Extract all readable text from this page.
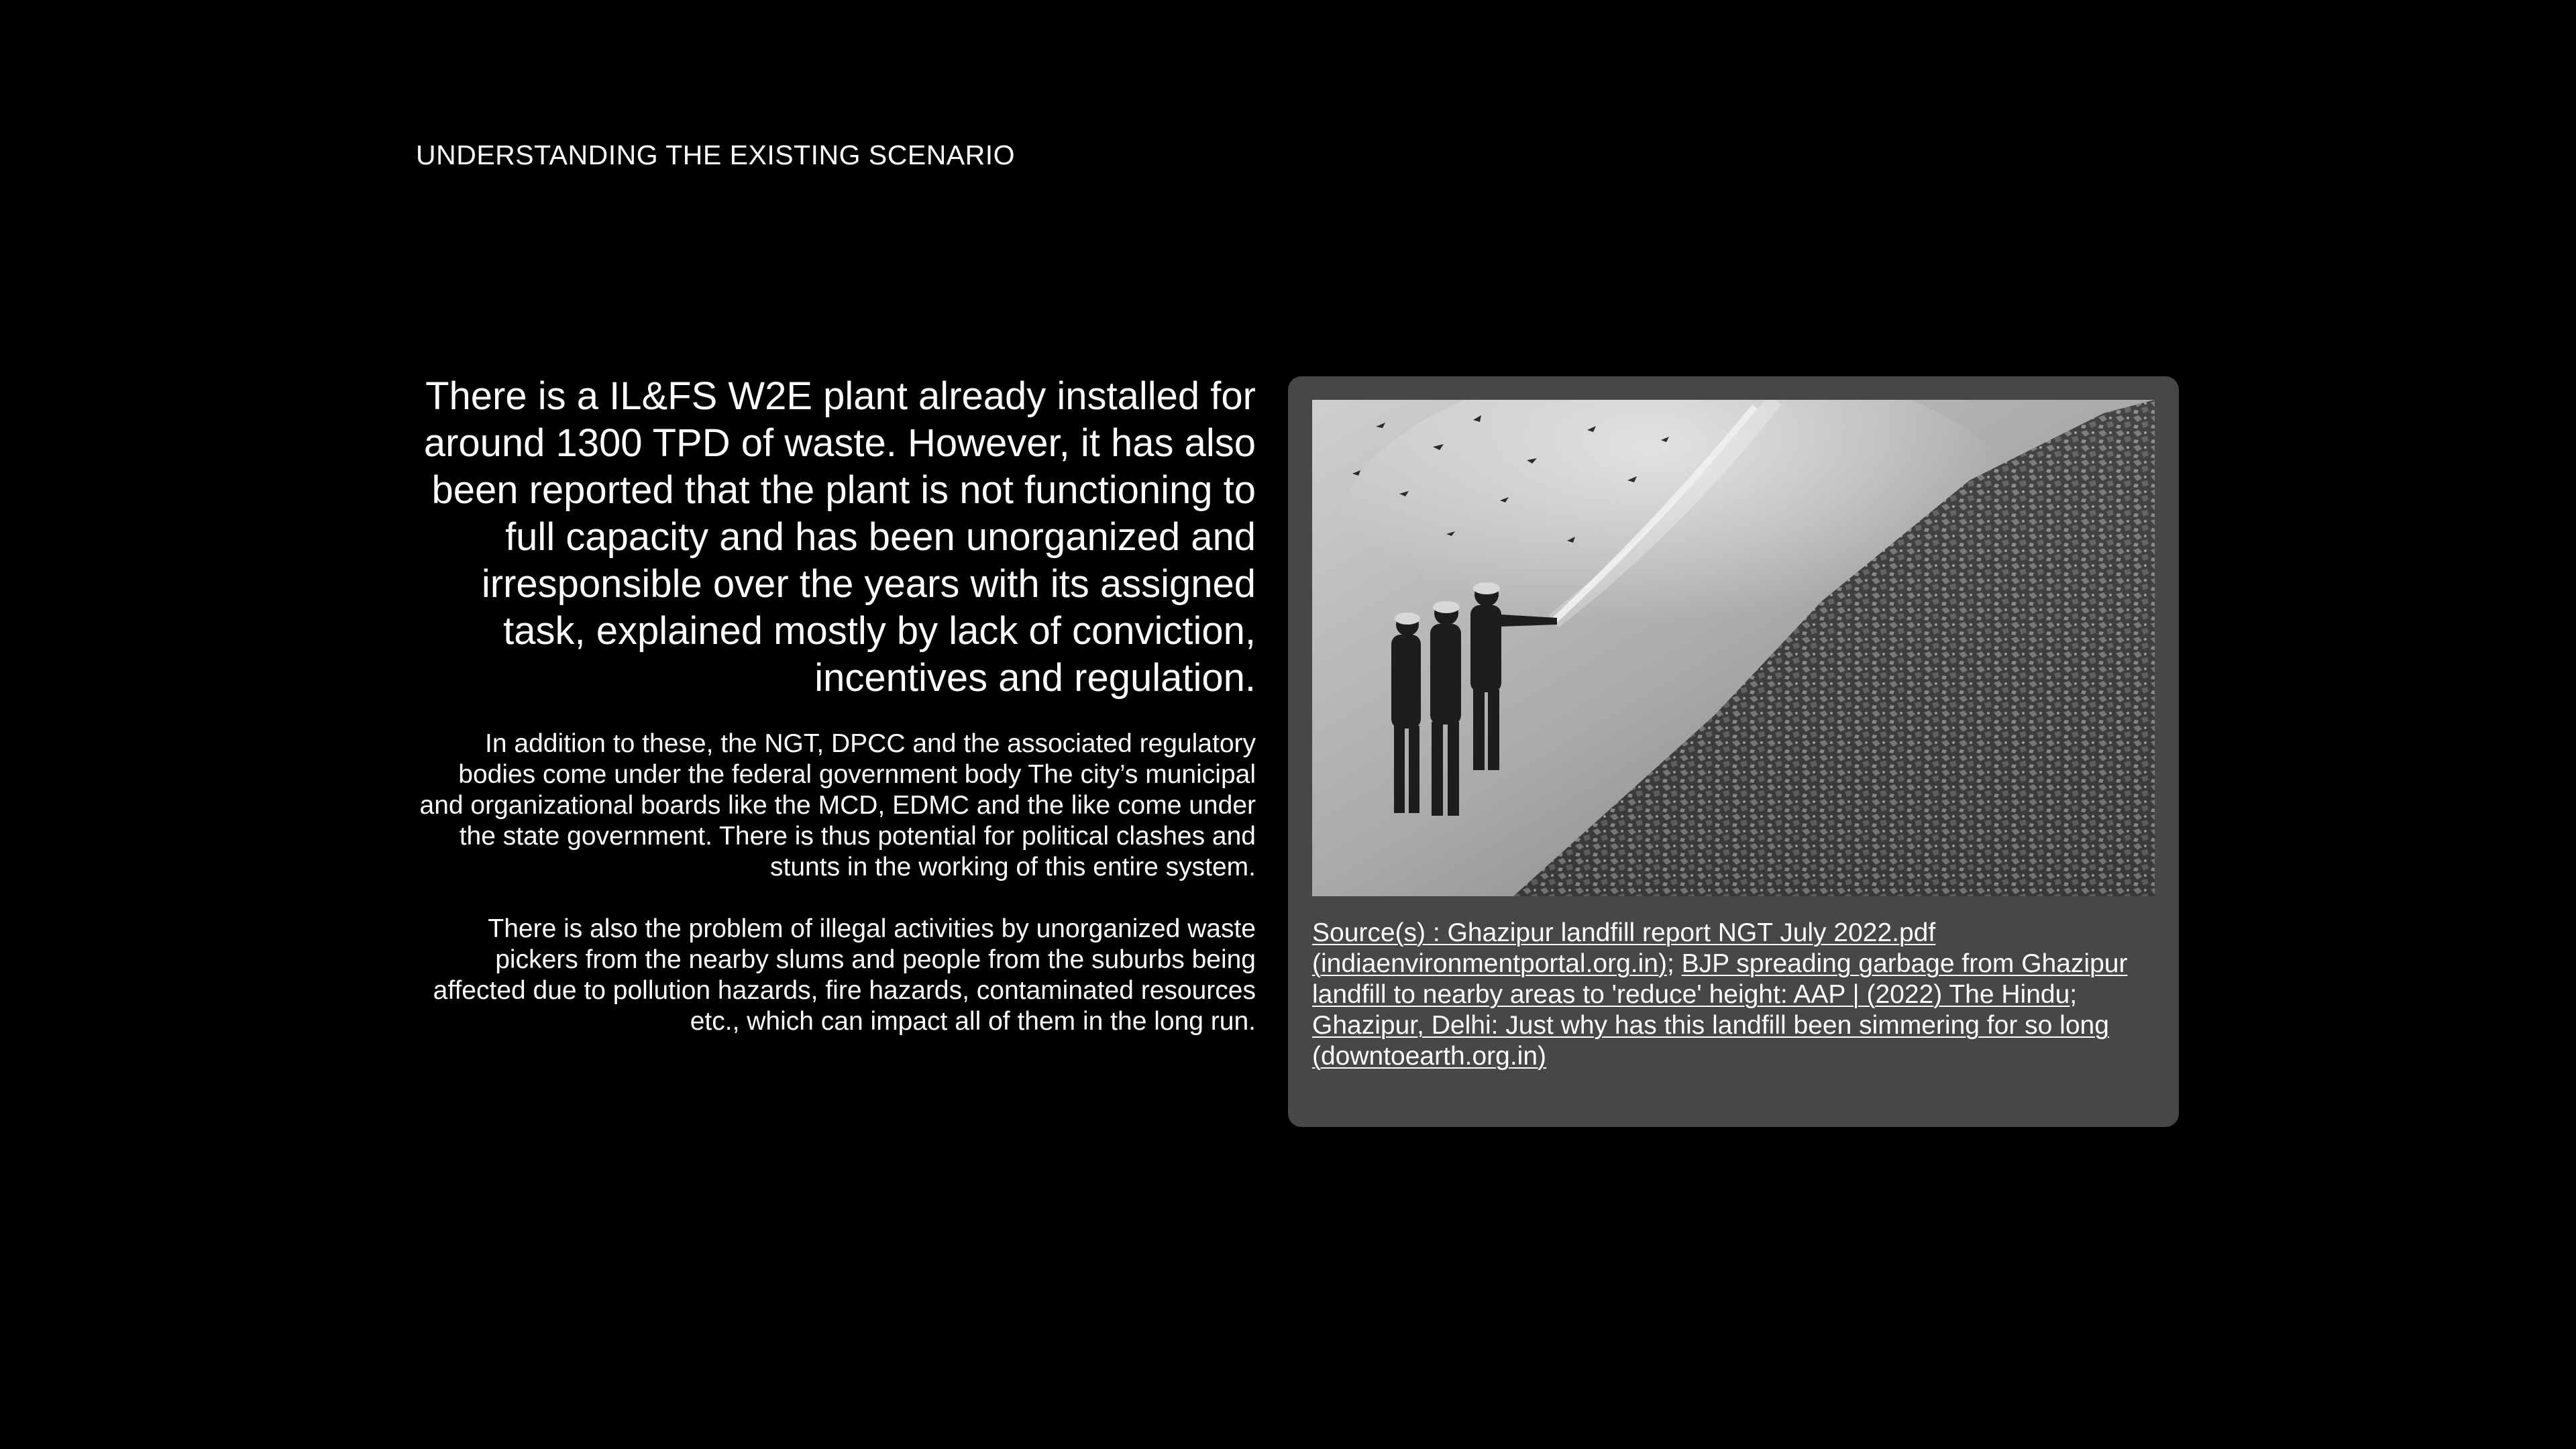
UNDERSTANDING THE EXISTING SCENARIO

There is a IL&FS W2E plant already installed for around 1300 TPD of waste. However, it has also been reported that the plant is not functioning to full capacity and has been unorganized and irresponsible over the years with its assigned task, explained mostly by lack of conviction, incentives and regulation.

In addition to these, the NGT, DPCC and the associated regulatory bodies come under the federal government body The city’s municipal and organizational boards like the MCD, EDMC and the like come under the state government. There is thus potential for political clashes and stunts in the working of this entire system.

There is also the problem of illegal activities by unorganized waste pickers from the nearby slums and people from the suburbs being affected due to pollution hazards, fire hazards, contaminated resources etc., which can impact all of them in the long run.

Source(s) : Ghazipur landfill report NGT July 2022.pdf (indiaenvironmentportal.org.in); BJP spreading garbage from Ghazipur landfill to nearby areas to 'reduce' height: AAP | (2022) The Hindu; Ghazipur, Delhi: Just why has this landfill been simmering for so long (downtoearth.org.in)
